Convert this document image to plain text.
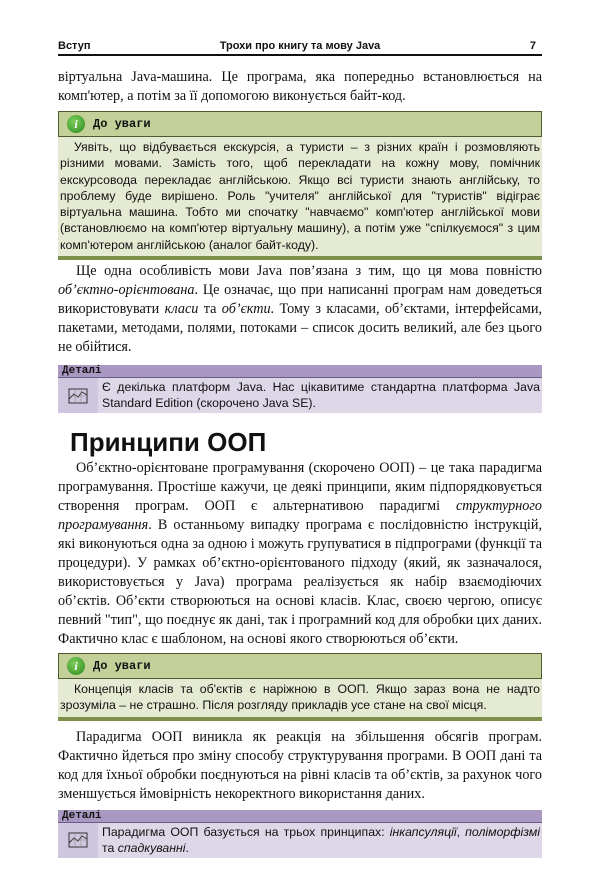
Вступ	Трохи про книгу та мову Java	7
віртуальна Java-машина. Це програма, яка попередньо встановлюється на комп'ютер, а потім за її допомогою виконується байт-код.
i	До уваги
Уявіть, що відбувається екскурсія, а туристи – з різних країн і розмовляють різними мовами. Замість того, щоб перекладати на кожну мову, помічник екскурсовода перекладає англійською. Якщо всі туристи знають англійську, то проблему буде вирішено. Роль "учителя" англійської для "туристів" відіграє віртуальна машина. Тобто ми спочатку "навчаємо" комп'ютер англійської мови (встановлюємо на комп'ютер віртуальну машину), а потім уже "спілкуємося" з цим комп'ютером англійською (аналог байт-коду).
Ще одна особливість мови Java пов’язана з тим, що ця мова повністю об’єктно-орієнтована. Це означає, що при написанні програм нам доведеться використовувати класи та об’єкти. Тому з класами, об’єктами, інтерфейсами, пакетами, методами, полями, потоками – список досить великий, але без цього не обійтися.
Деталі
Є декілька платформ Java. Нас цікавитиме стандартна платформа Java Standard Edition (скорочено Java SE).
Принципи ООП
Об’єктно-орієнтоване програмування (скорочено ООП) – це така парадигма програмування. Простіше кажучи, це деякі принципи, яким підпорядковується створення програм. ООП є альтернативою парадигмі структурного програмування. В останньому випадку програма є послідовністю інструкцій, які виконуються одна за одною і можуть групуватися в підпрограми (функції та процедури). У рамках об’єктно-орієнтованого підходу (який, як зазначалося, використовується у Java) програма реалізується як набір взаємодіючих об’єктів. Об’єкти створюються на основі класів. Клас, своєю чергою, описує певний "тип", що поєднує як дані, так і програмний код для обробки цих даних. Фактично клас є шаблоном, на основі якого створюються об’єкти.
i	До уваги
Концепція класів та об'єктів є наріжною в ООП. Якщо зараз вона не надто зрозуміла – не страшно. Після розгляду прикладів усе стане на свої місця.
Парадигма ООП виникла як реакція на збільшення обсягів програм. Фактично йдеться про зміну способу структурування програми. В ООП дані та код для їхньої обробки поєднуються на рівні класів та об’єктів, за рахунок чого зменшується ймовірність некоректного використання даних.
Деталі
Парадигма ООП базується на трьох принципах: інкапсуляції, поліморфізмі та спадкуванні.
